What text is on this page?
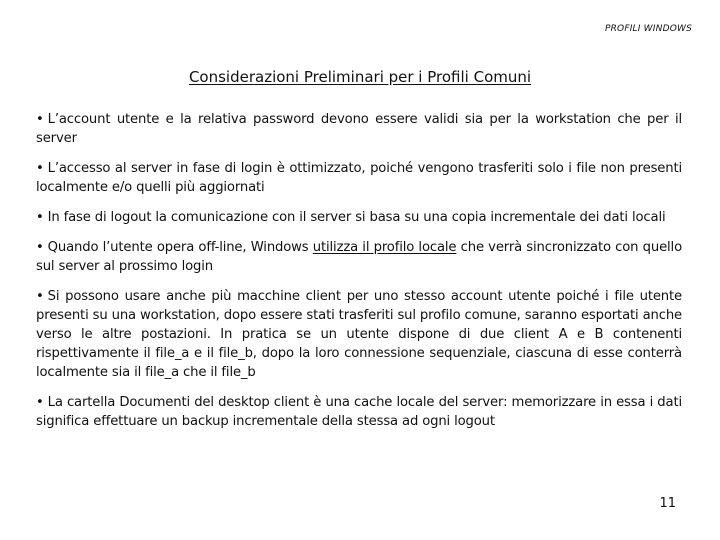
PROFILI WINDOWS
Considerazioni Preliminari per i Profili Comuni
• L’account utente e la relativa password devono essere validi sia per la workstation che per il server
• L’accesso al server in fase di login è ottimizzato, poiché vengono trasferiti solo i file non presenti localmente e/o quelli più aggiornati
• In fase di logout la comunicazione con il server si basa su una copia incrementale dei dati locali
• Quando l’utente opera off-line, Windows utilizza il profilo locale che verrà sincronizzato con quello sul server al prossimo login
• Si possono usare anche più macchine client per uno stesso account utente poiché i file utente presenti su una workstation, dopo essere stati trasferiti sul profilo comune, saranno esportati anche verso le altre postazioni. In pratica se un utente dispone di due client A e B contenenti rispettivamente il file_a e il file_b, dopo la loro connessione sequenziale, ciascuna di esse conterrà localmente sia il file_a che il file_b
• La cartella Documenti del desktop client è una cache locale del server: memorizzare in essa i dati significa effettuare un backup incrementale della stessa ad ogni logout
11
